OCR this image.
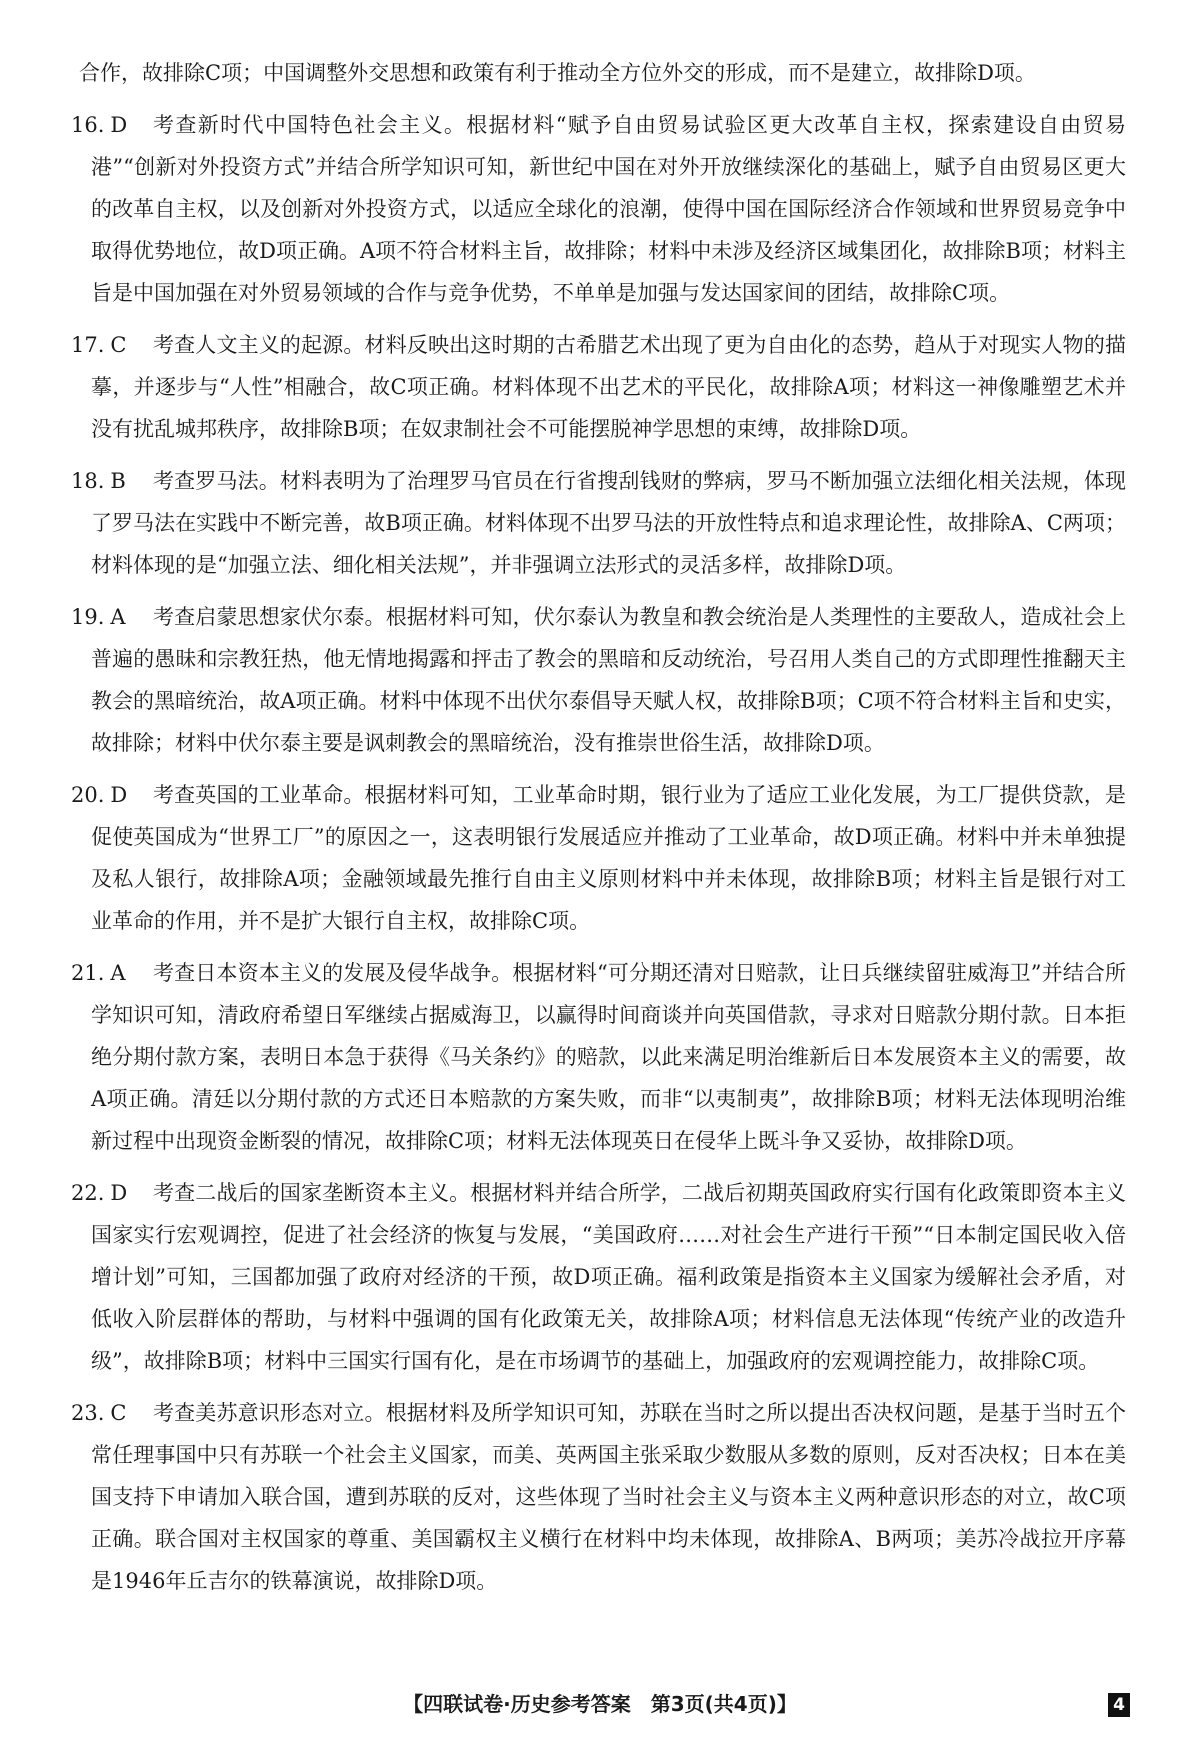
合作，故排除C项；中国调整外交思想和政策有利于推动全方位外交的形成，而不是建立，故排除D项。

16. D	考查新时代中国特色社会主义。根据材料“赋予自由贸易试验区更大改革自主权，探索建设自由贸易港”“创新对外投资方式”并结合所学知识可知，新世纪中国在对外开放继续深化的基础上，赋予自由贸易区更大的改革自主权，以及创新对外投资方式，以适应全球化的浪潮，使得中国在国际经济合作领域和世界贸易竞争中取得优势地位，故D项正确。A项不符合材料主旨，故排除；材料中未涉及经济区域集团化，故排除B项；材料主旨是中国加强在对外贸易领域的合作与竞争优势，不单单是加强与发达国家间的团结，故排除C项。
17. C	考查人文主义的起源。材料反映出这时期的古希腊艺术出现了更为自由化的态势，趋从于对现实人物的描摹，并逐步与“人性”相融合，故C项正确。材料体现不出艺术的平民化，故排除A项；材料这一神像雕塑艺术并没有扰乱城邦秩序，故排除B项；在奴隶制社会不可能摆脱神学思想的束缚，故排除D项。
18. B	考查罗马法。材料表明为了治理罗马官员在行省搜刮钱财的弊病，罗马不断加强立法细化相关法规，体现了罗马法在实践中不断完善，故B项正确。材料体现不出罗马法的开放性特点和追求理论性，故排除A、C两项；材料体现的是“加强立法、细化相关法规”，并非强调立法形式的灵活多样，故排除D项。
19. A	考查启蒙思想家伏尔泰。根据材料可知，伏尔泰认为教皇和教会统治是人类理性的主要敌人，造成社会上普遍的愚昧和宗教狂热，他无情地揭露和抨击了教会的黑暗和反动统治，号召用人类自己的方式即理性推翻天主教会的黑暗统治，故A项正确。材料中体现不出伏尔泰倡导天赋人权，故排除B项；C项不符合材料主旨和史实，故排除；材料中伏尔泰主要是讽刺教会的黑暗统治，没有推崇世俗生活，故排除D项。
20. D	考查英国的工业革命。根据材料可知，工业革命时期，银行业为了适应工业化发展，为工厂提供贷款，是促使英国成为“世界工厂”的原因之一，这表明银行发展适应并推动了工业革命，故D项正确。材料中并未单独提及私人银行，故排除A项；金融领域最先推行自由主义原则材料中并未体现，故排除B项；材料主旨是银行对工业革命的作用，并不是扩大银行自主权，故排除C项。
21. A	考查日本资本主义的发展及侵华战争。根据材料“可分期还清对日赔款，让日兵继续留驻威海卫”并结合所学知识可知，清政府希望日军继续占据威海卫，以赢得时间商谈并向英国借款，寻求对日赔款分期付款。日本拒绝分期付款方案，表明日本急于获得《马关条约》的赔款，以此来满足明治维新后日本发展资本主义的需要，故A项正确。清廷以分期付款的方式还日本赔款的方案失败，而非“以夷制夷”，故排除B项；材料无法体现明治维新过程中出现资金断裂的情况，故排除C项；材料无法体现英日在侵华上既斗争又妥协，故排除D项。
22. D	考查二战后的国家垄断资本主义。根据材料并结合所学，二战后初期英国政府实行国有化政策即资本主义国家实行宏观调控，促进了社会经济的恢复与发展，“美国政府……对社会生产进行干预”“日本制定国民收入倍增计划”可知，三国都加强了政府对经济的干预，故D项正确。福利政策是指资本主义国家为缓解社会矛盾，对低收入阶层群体的帮助，与材料中强调的国有化政策无关，故排除A项；材料信息无法体现“传统产业的改造升级”，故排除B项；材料中三国实行国有化，是在市场调节的基础上，加强政府的宏观调控能力，故排除C项。
23. C	考查美苏意识形态对立。根据材料及所学知识可知，苏联在当时之所以提出否决权问题，是基于当时五个常任理事国中只有苏联一个社会主义国家，而美、英两国主张采取少数服从多数的原则，反对否决权；日本在美国支持下申请加入联合国，遭到苏联的反对，这些体现了当时社会主义与资本主义两种意识形态的对立，故C项正确。联合国对主权国家的尊重、美国霸权主义横行在材料中均未体现，故排除A、B两项；美苏冷战拉开序幕是1946年丘吉尔的铁幕演说，故排除D项。
【四联试卷·历史参考答案　第3页(共4页)】	4
